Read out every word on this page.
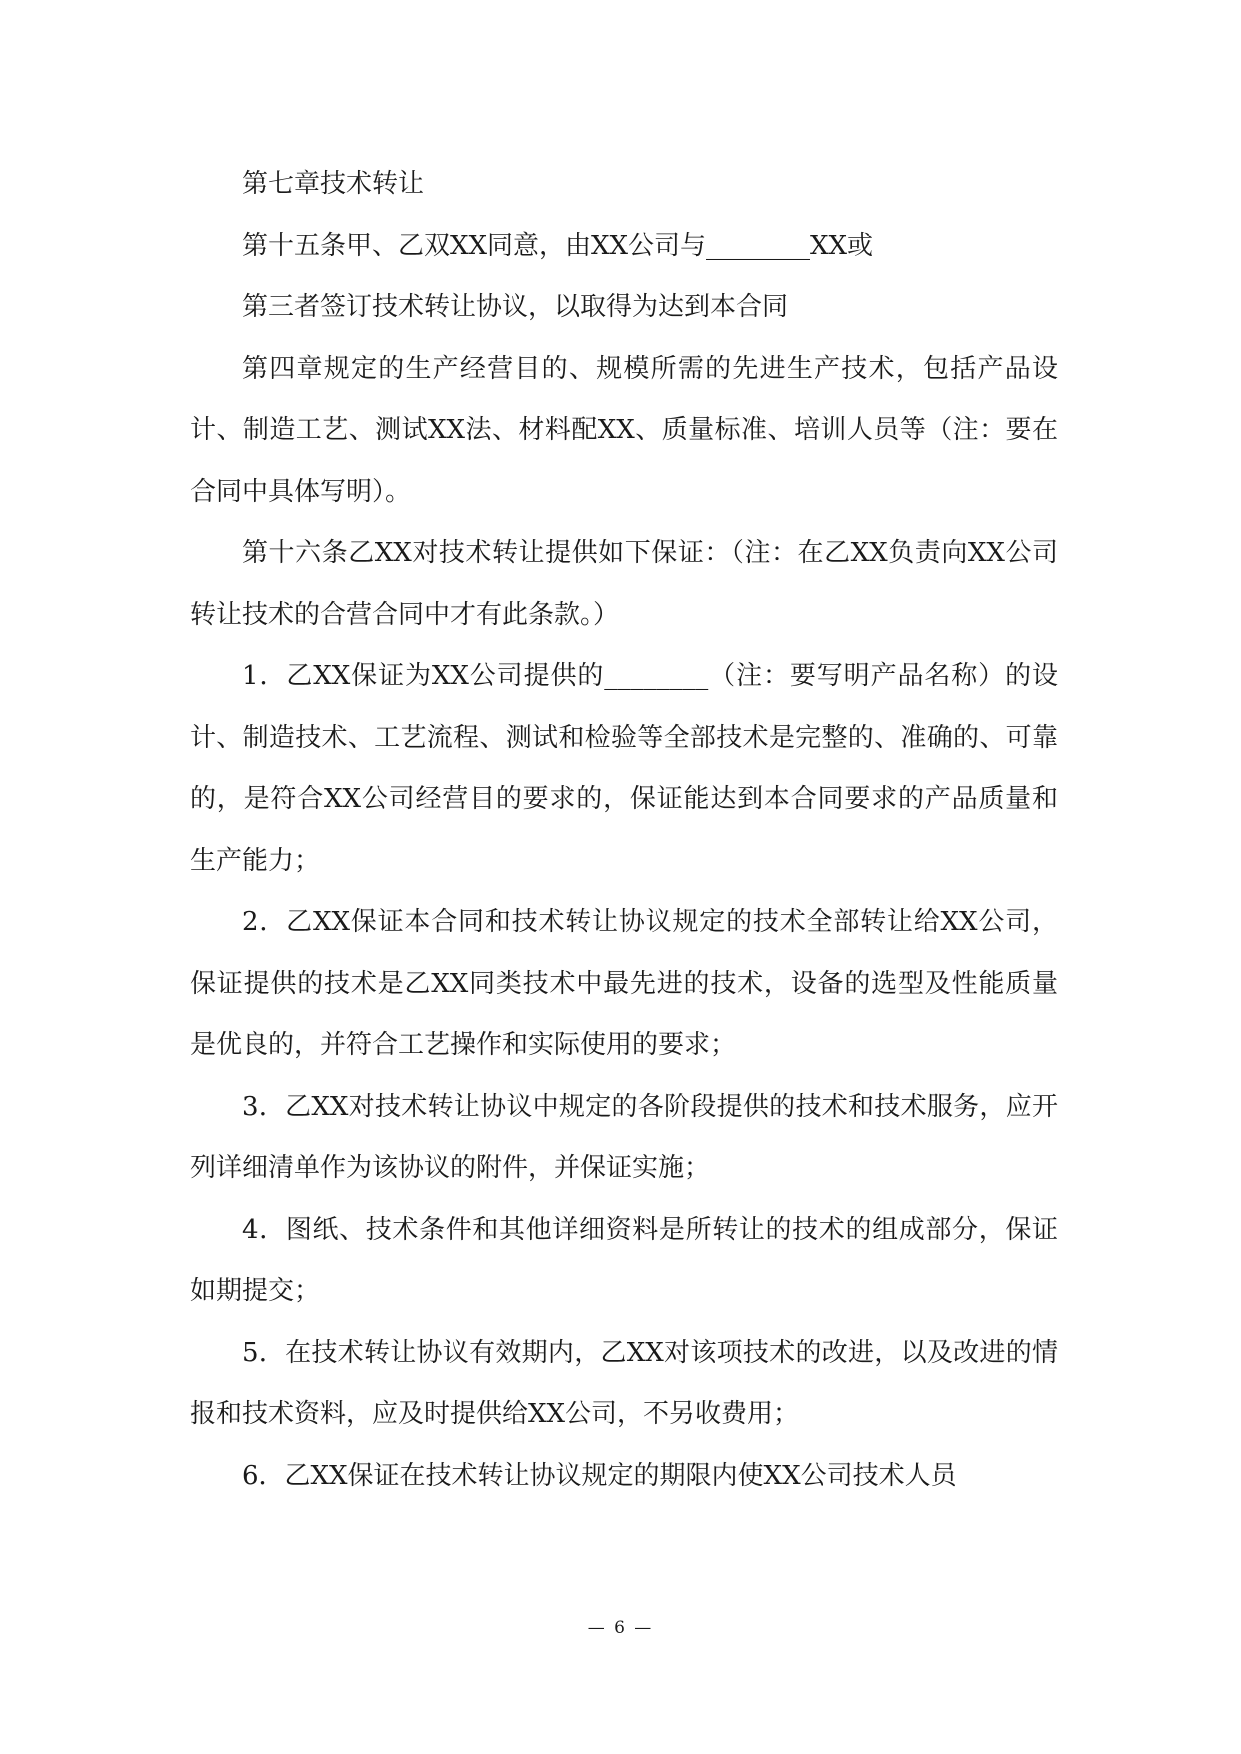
第七章技术转让

第十五条甲、乙双XX同意，由XX公司与________XX或

第三者签订技术转让协议，以取得为达到本合同

第四章规定的生产经营目的、规模所需的先进生产技术，包括产品设计、制造工艺、测试XX法、材料配XX、质量标准、培训人员等（注：要在合同中具体写明）。

第十六条乙XX对技术转让提供如下保证：（注：在乙XX负责向XX公司转让技术的合营合同中才有此条款。）

1．乙XX保证为XX公司提供的________（注：要写明产品名称）的设计、制造技术、工艺流程、测试和检验等全部技术是完整的、准确的、可靠的，是符合XX公司经营目的要求的，保证能达到本合同要求的产品质量和生产能力；

2．乙XX保证本合同和技术转让协议规定的技术全部转让给XX公司，保证提供的技术是乙XX同类技术中最先进的技术，设备的选型及性能质量是优良的，并符合工艺操作和实际使用的要求；

3．乙XX对技术转让协议中规定的各阶段提供的技术和技术服务，应开列详细清单作为该协议的附件，并保证实施；

4．图纸、技术条件和其他详细资料是所转让的技术的组成部分，保证如期提交；

5．在技术转让协议有效期内，乙XX对该项技术的改进，以及改进的情报和技术资料，应及时提供给XX公司，不另收费用；

6．乙XX保证在技术转让协议规定的期限内使XX公司技术人员

— 6 —
